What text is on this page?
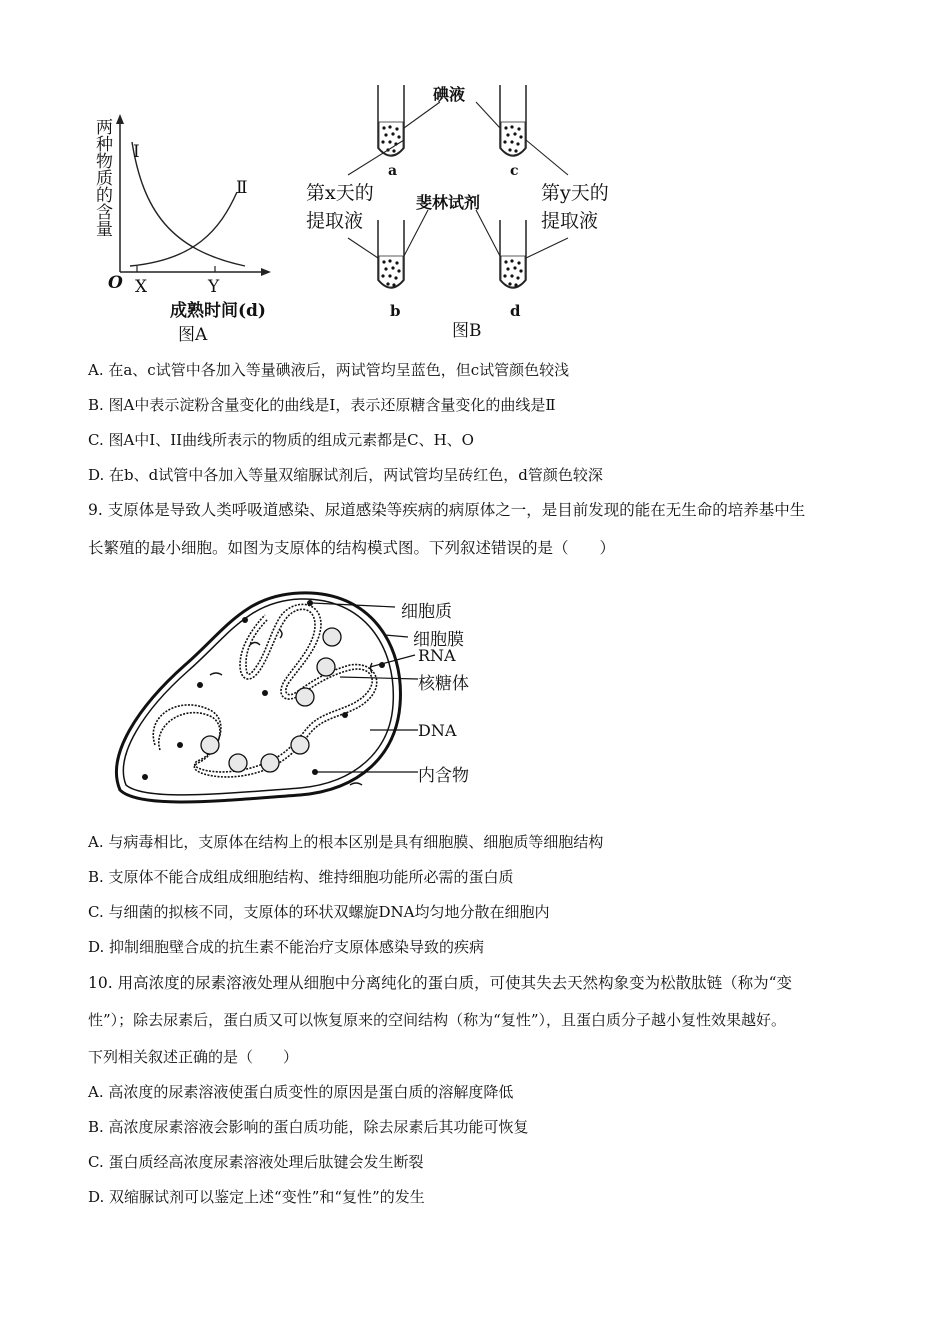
两种物质的含量 Ⅰ
Ⅱ
O X	Y
成熟时间(d)
图A
碘液
斐林试剂
第x天的
提取液
第y天的
提取液
a	c
b	d
图B
A. 在a、c试管中各加入等量碘液后，两试管均呈蓝色，但c试管颜色较浅
B. 图A中表示淀粉含量变化的曲线是I，表示还原糖含量变化的曲线是Ⅱ
C. 图A中I、II曲线所表示的物质的组成元素都是C、H、O
D. 在b、d试管中各加入等量双缩脲试剂后，两试管均呈砖红色，d管颜色较深
9. 支原体是导致人类呼吸道感染、尿道感染等疾病的病原体之一，是目前发现的能在无生命的培养基中生
长繁殖的最小细胞。如图为支原体的结构模式图。下列叙述错误的是（　　）
细胞质
细胞膜
RNA
核糖体
DNA
内含物
A. 与病毒相比，支原体在结构上的根本区别是具有细胞膜、细胞质等细胞结构
B. 支原体不能合成组成细胞结构、维持细胞功能所必需的蛋白质
C. 与细菌的拟核不同，支原体的环状双螺旋DNA均匀地分散在细胞内
D. 抑制细胞壁合成的抗生素不能治疗支原体感染导致的疾病
10. 用高浓度的尿素溶液处理从细胞中分离纯化的蛋白质，可使其失去天然构象变为松散肽链（称为“变
性”）；除去尿素后，蛋白质又可以恢复原来的空间结构（称为“复性”），且蛋白质分子越小复性效果越好。
下列相关叙述正确的是（　　）
A. 高浓度的尿素溶液使蛋白质变性的原因是蛋白质的溶解度降低
B. 高浓度尿素溶液会影响的蛋白质功能，除去尿素后其功能可恢复
C. 蛋白质经高浓度尿素溶液处理后肽键会发生断裂
D. 双缩脲试剂可以鉴定上述“变性”和“复性”的发生
